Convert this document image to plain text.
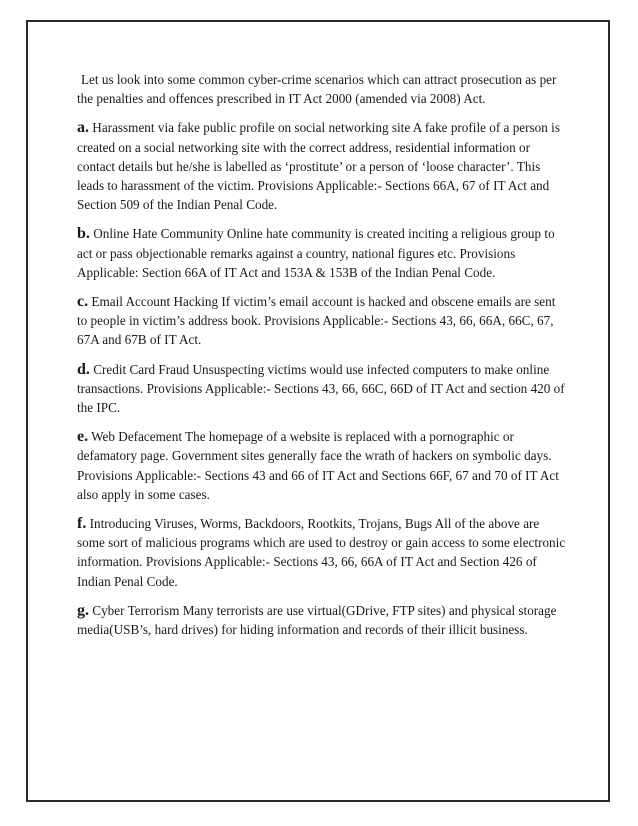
Let us look into some common cyber-crime scenarios which can attract prosecution as per the penalties and offences prescribed in IT Act 2000 (amended via 2008) Act.

a. Harassment via fake public profile on social networking site A fake profile of a person is created on a social networking site with the correct address, residential information or contact details but he/she is labelled as ‘prostitute’ or a person of ‘loose character’. This leads to harassment of the victim. Provisions Applicable:- Sections 66A, 67 of IT Act and Section 509 of the Indian Penal Code.

b. Online Hate Community Online hate community is created inciting a religious group to act or pass objectionable remarks against a country, national figures etc. Provisions Applicable: Section 66A of IT Act and 153A & 153B of the Indian Penal Code.

c. Email Account Hacking If victim’s email account is hacked and obscene emails are sent to people in victim’s address book. Provisions Applicable:- Sections 43, 66, 66A, 66C, 67, 67A and 67B of IT Act.

d. Credit Card Fraud Unsuspecting victims would use infected computers to make online transactions. Provisions Applicable:- Sections 43, 66, 66C, 66D of IT Act and section 420 of the IPC.

e. Web Defacement The homepage of a website is replaced with a pornographic or defamatory page. Government sites generally face the wrath of hackers on symbolic days. Provisions Applicable:- Sections 43 and 66 of IT Act and Sections 66F, 67 and 70 of IT Act also apply in some cases.

f. Introducing Viruses, Worms, Backdoors, Rootkits, Trojans, Bugs All of the above are some sort of malicious programs which are used to destroy or gain access to some electronic information. Provisions Applicable:- Sections 43, 66, 66A of IT Act and Section 426 of Indian Penal Code.

g. Cyber Terrorism Many terrorists are use virtual(GDrive, FTP sites) and physical storage media(USB’s, hard drives) for hiding information and records of their illicit business.
